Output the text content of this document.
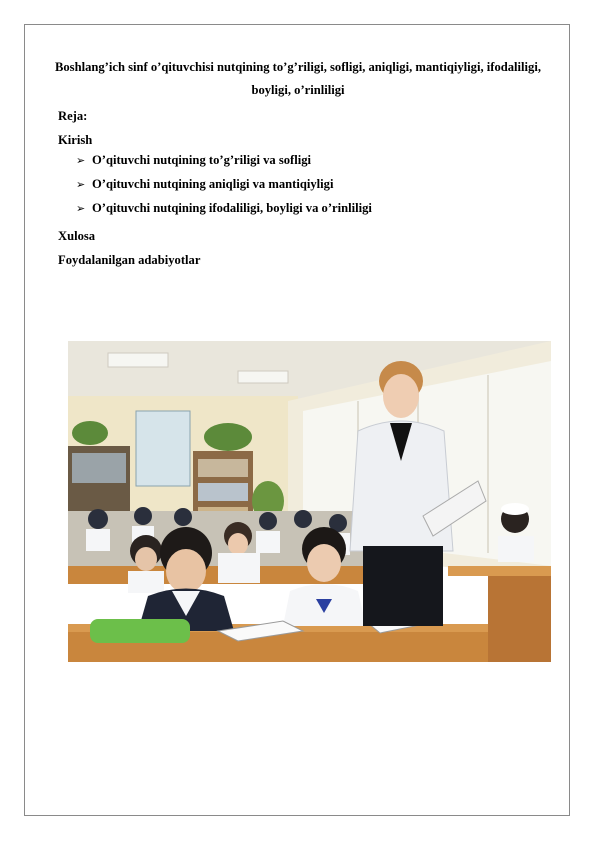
Boshlang’ich sinf o’qituvchisi nutqining to’g’riligi, sofligi, aniqligi, mantiqiyligi, ifodaliligi, boyligi, o’rinliligi
Reja:
Kirish
➢ O’qituvchi nutqining to’g’riligi va sofligi
➢ O’qituvchi nutqining aniqligi va mantiqiyligi
➢ O’qituvchi nutqining ifodaliligi, boyligi va o’rinliligi
Xulosa
Foydalanilgan adabiyotlar
